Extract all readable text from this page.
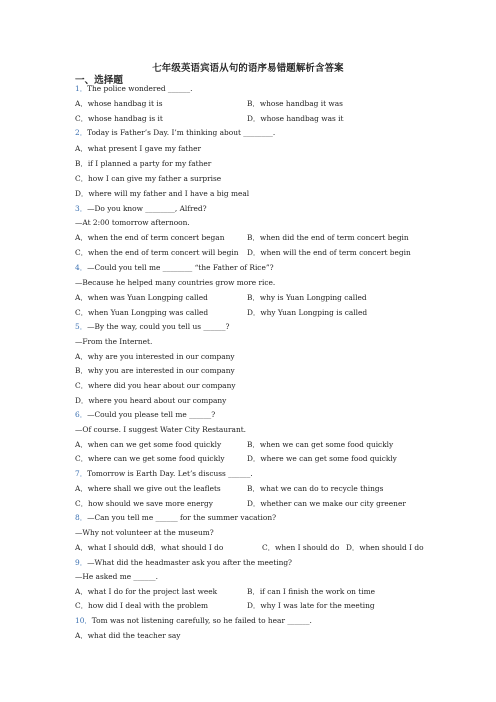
七年级英语宾语从句的语序易错题解析含答案
一、选择题
1．The police wondered ______.
A．whose handbag it is	B．whose handbag it was
C．whose handbag is it	D．whose handbag was it
2．Today is Father’s Day. I’m thinking about ________.
A．what present I gave my father
B．if I planned a party for my father
C．how I can give my father a surprise
D．where will my father and I have a big meal
3．—Do you know ________, Alfred?
—At 2:00 tomorrow afternoon.
A．when the end of term concert began	B．when did the end of term concert begin
C．when the end of term concert will begin D．when will the end of term concert begin
4．—Could you tell me ________ “the Father of Rice”?
—Because he helped many countries grow more rice.
A．when was Yuan Longping called	B．why is Yuan Longping called
C．when Yuan Longping was called	D．why Yuan Longping is called
5．—By the way, could you tell us ______?
—From the Internet.
A．why are you interested in our company
B．why you are interested in our company
C．where did you hear about our company
D．where you heard about our company
6．—Could you please tell me ______?
—Of course. I suggest Water City Restaurant.
A．when can we get some food quickly	B．when we can get some food quickly
C．where can we get some food quickly	D．where we can get some food quickly
7．Tomorrow is Earth Day. Let’s discuss ______.
A．where shall we give out the leaflets	B．what we can do to recycle things
C．how should we save more energy	D．whether can we make our city greener
8．—Can you tell me ______ for the summer vacation?
—Why not volunteer at the museum?
A．what I should do
B．what should I do	C．when I should do D．when should I do
9．—What did the headmaster ask you after the meeting?
—He asked me ______.
A．what I do for the project last week	B．if can I finish the work on time
C．how did I deal with the problem	D．why I was late for the meeting
10．Tom was not listening carefully, so he failed to hear ______.
A．what did the teacher say
